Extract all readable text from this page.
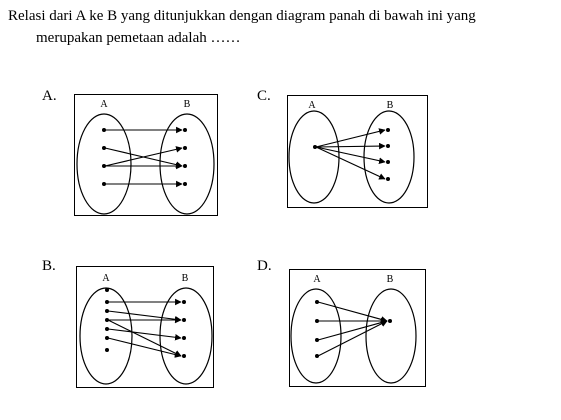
Relasi dari A ke B yang ditunjukkan dengan diagram panah di bawah ini yang
merupakan pemetaan adalah ……
A.
A	B
C.
A	B
B.
A	B
D.
A	B
